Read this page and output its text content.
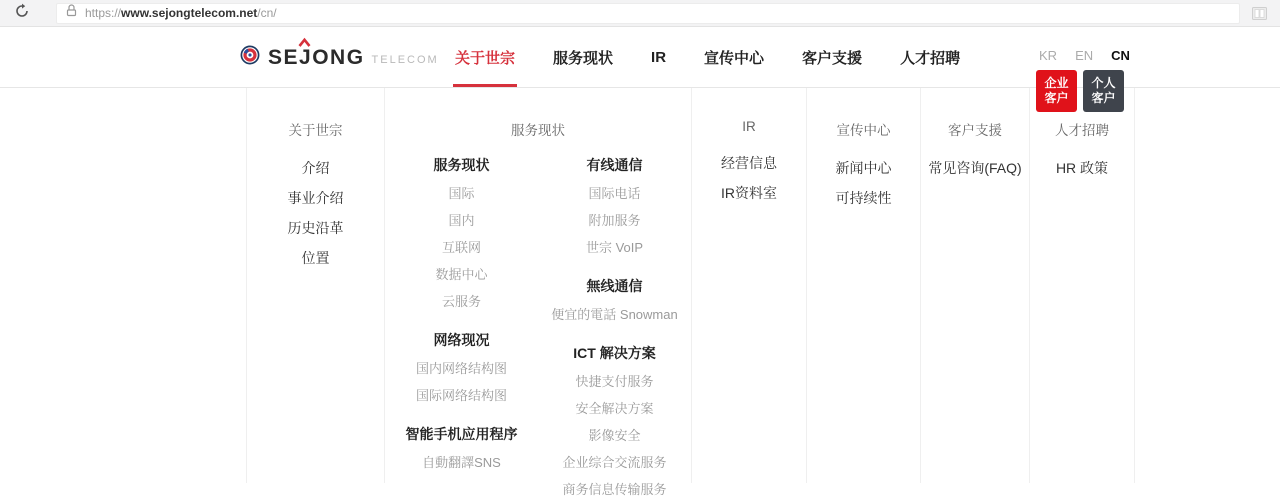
https://www.sejongtelecom.net/cn/
SEJONG TELECOM 关于世宗	服务现状	IR	宣传中心	客户支援	人才招聘	KR EN CN
企业
客户
个人
客户
关于世宗
介绍
事业介绍
历史沿革
位置
服务现状
服务现状
国际
国内
互联网
数据中心
云服务
网络现况
国内网络结构图
国际网络结构图
智能手机应用程序
自動翻譯SNS
有线通信
国际电话
附加服务
世宗 VoIP
無线通信
便宜的電話 Snowman
ICT 解决方案
快捷支付服务
安全解决方案
影像安全
企业综合交流服务
商务信息传输服务
IR
经营信息
IR资料室
宣传中心
新闻中心
可持续性
客户支援
常见咨询(FAQ)
人才招聘
HR 政策
